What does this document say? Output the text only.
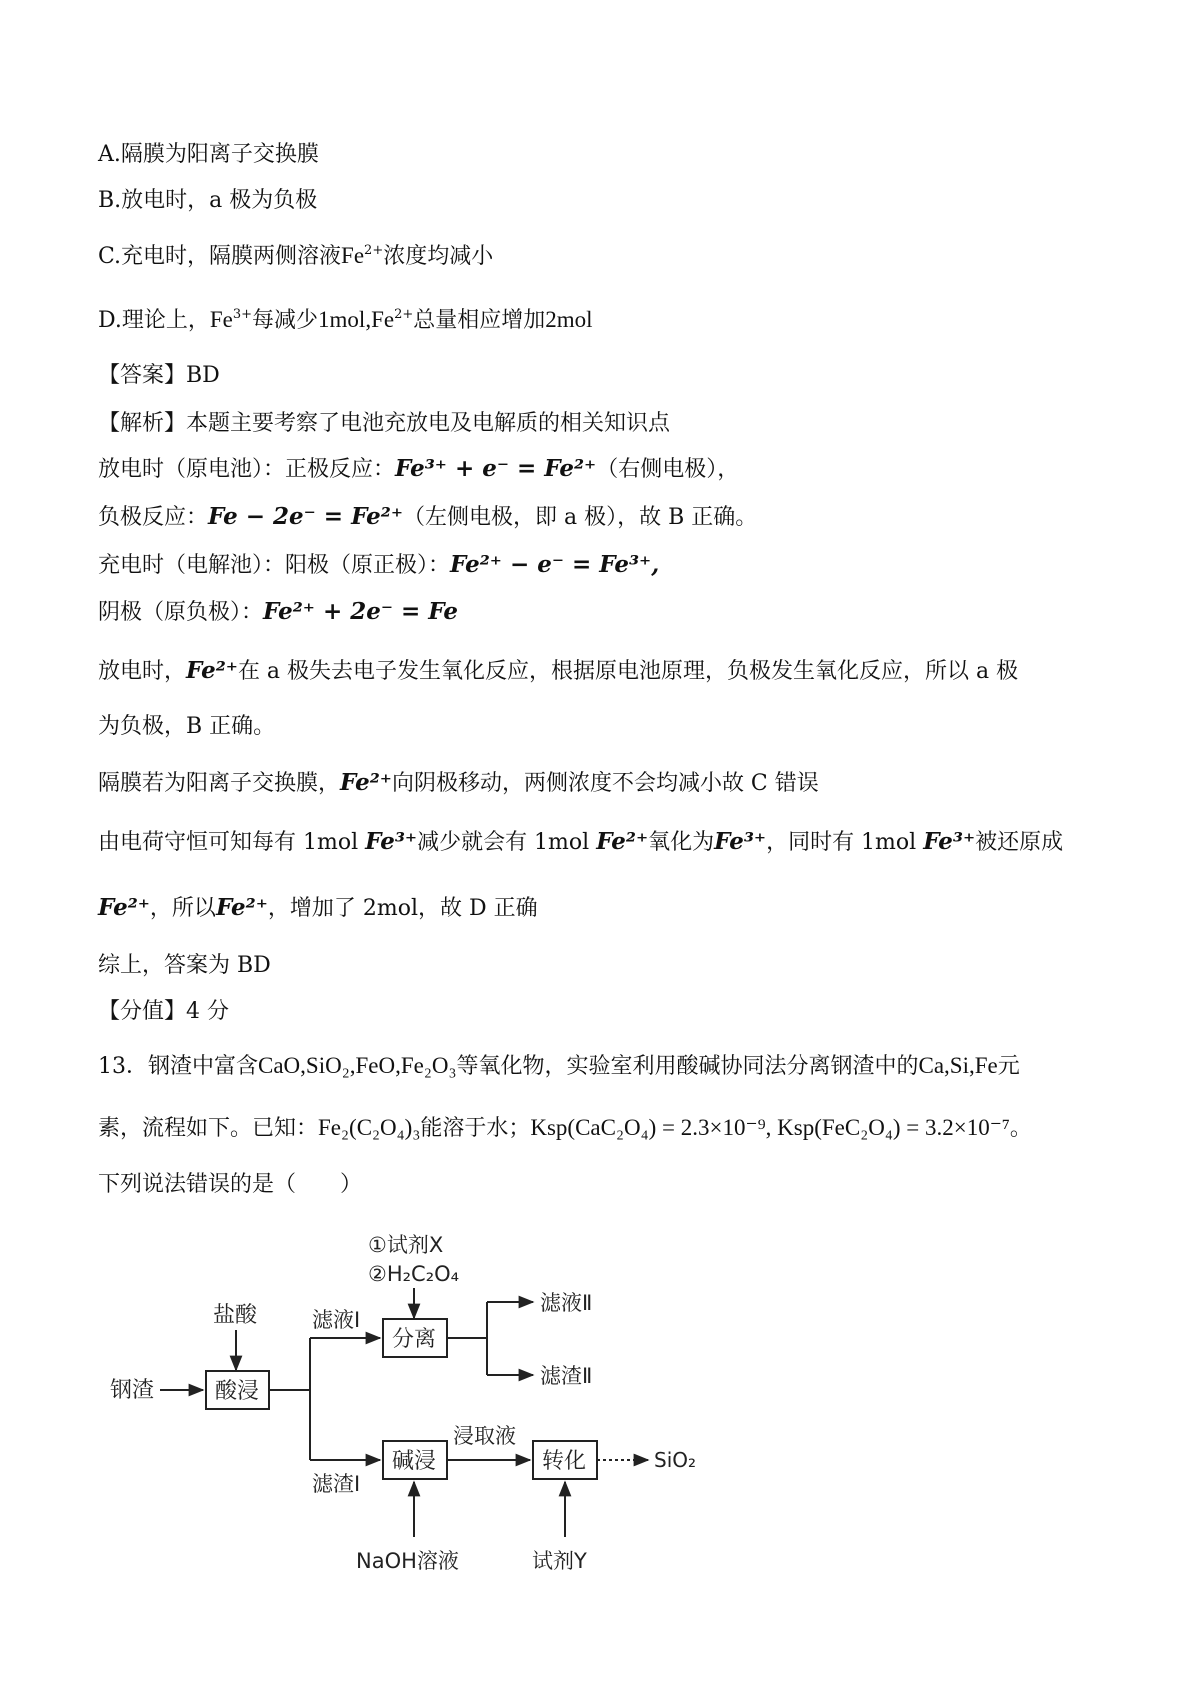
A.隔膜为阳离子交换膜
B.放电时，a 极为负极
C.充电时，隔膜两侧溶液$Fe^{2+}$浓度均减小
D.理论上，$Fe^{3+}$每减少$1mol,Fe^{2+}$总量相应增加2mol
【答案】BD
【解析】本题主要考察了电池充放电及电解质的相关知识点
放电时（原电池）：正极反应：Fe³⁺ + e⁻ = Fe²⁺（右侧电极），
负极反应：Fe − 2e⁻ = Fe²⁺（左侧电极，即 a 极），故 B 正确。
充电时（电解池）：阳极（原正极）：Fe²⁺ − e⁻ = Fe³⁺,
阴极（原负极）：Fe²⁺ + 2e⁻ = Fe
放电时，Fe²⁺在 a 极失去电子发生氧化反应，根据原电池原理，负极发生氧化反应，所以 a 极
为负极，B 正确。
隔膜若为阳离子交换膜，Fe²⁺向阴极移动，两侧浓度不会均减小故 C 错误
由电荷守恒可知每有 1mol Fe³⁺减少就会有 1mol Fe²⁺氧化为Fe³⁺，同时有 1mol Fe³⁺被还原成
Fe²⁺，所以Fe²⁺，增加了 2mol，故 D 正确
综上，答案为 BD
【分值】4 分
13．钢渣中富含CaO,SiO₂,FeO,Fe₂O₃等氧化物，实验室利用酸碱协同法分离钢渣中的Ca,Si,Fe元
素，流程如下。已知：Fe₂(C₂O₄)₃能溶于水；Ksp(CaC₂O₄) = 2.3×10⁻⁹, Ksp(FeC₂O₄) = 3.2×10⁻⁷。
下列说法错误的是（　　）
钢渣
盐酸
酸浸
滤液Ⅰ
滤渣Ⅰ
①试剂X
②H₂C₂O₄
分离
滤液Ⅱ
滤渣Ⅱ
碱浸
NaOH溶液
浸取液
转化
试剂Y
SiO₂
